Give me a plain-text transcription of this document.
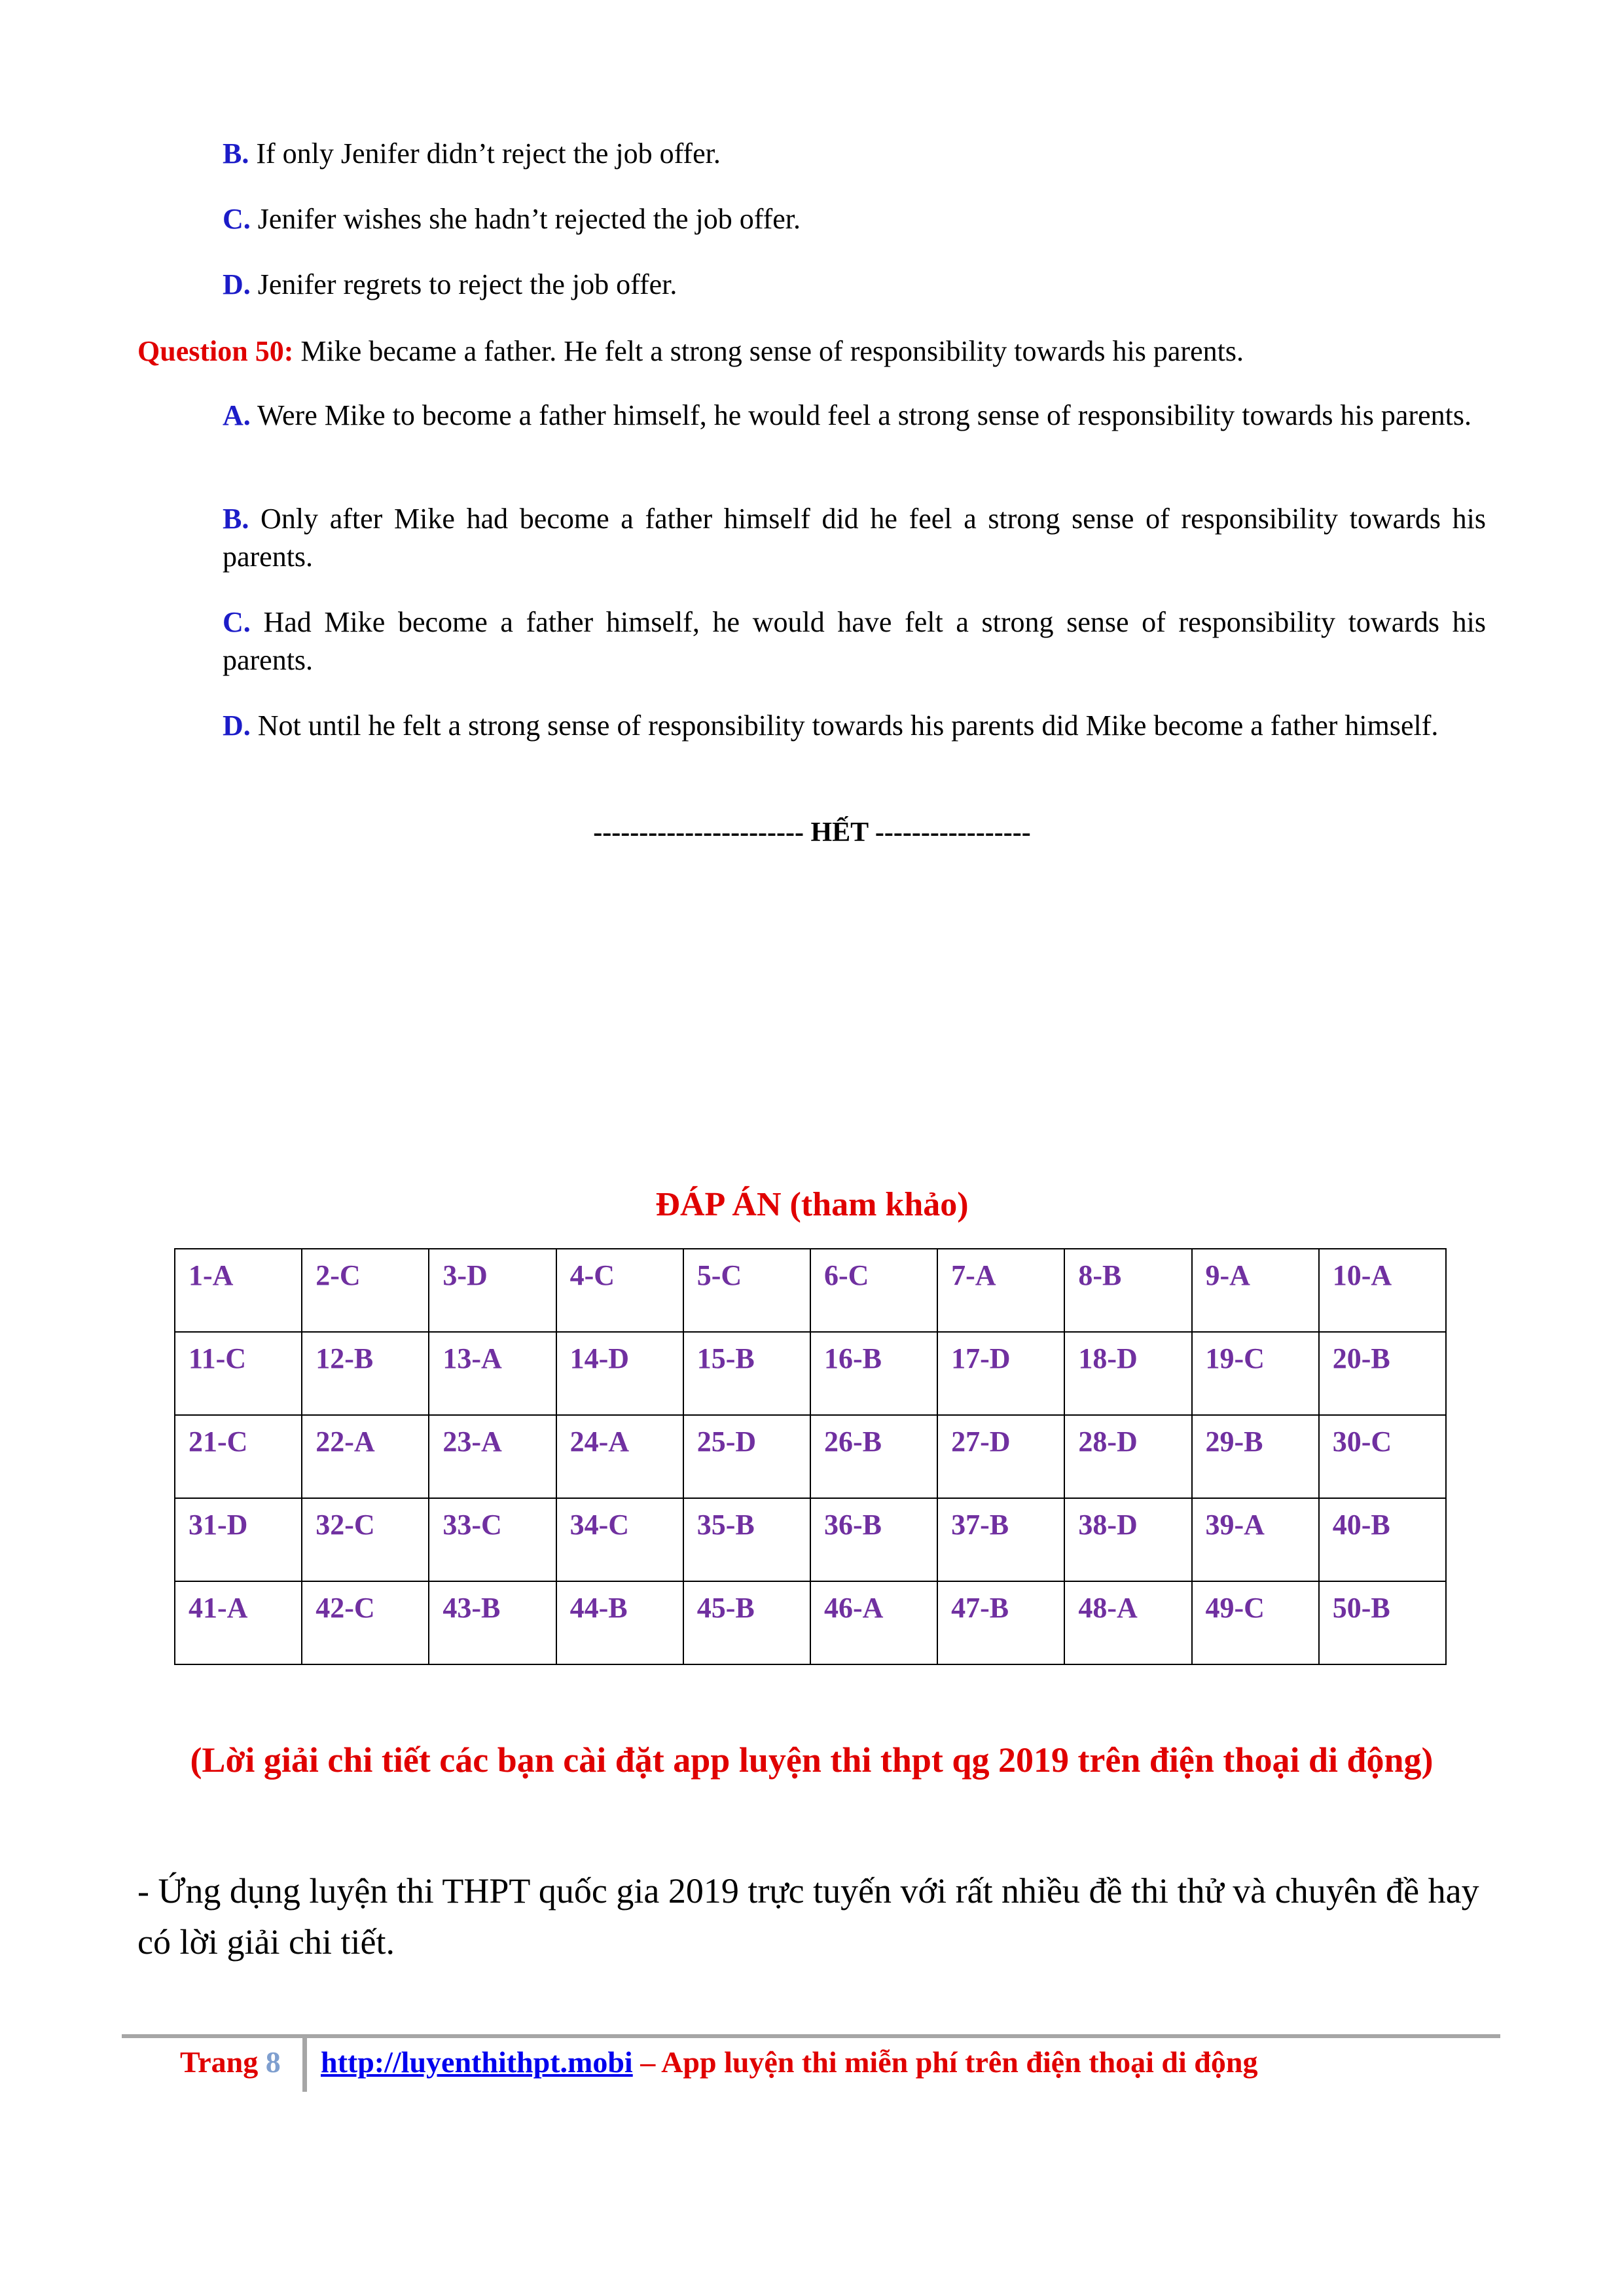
B. If only Jenifer didn’t reject the job offer.
C. Jenifer wishes she hadn’t rejected the job offer.
D. Jenifer regrets to reject the job offer.
Question 50: Mike became a father. He felt a strong sense of responsibility towards his parents.
A. Were Mike to become a father himself, he would feel a strong sense of responsibility towards his parents.
B. Only after Mike had become a father himself did he feel a strong sense of responsibility towards his parents.
C. Had Mike become a father himself, he would have felt a strong sense of responsibility towards his parents.
D. Not until he felt a strong sense of responsibility towards his parents did Mike become a father himself.
----------------------- HẾT -----------------
ĐÁP ÁN (tham khảo)
1-A	2-C	3-D	4-C	5-C	6-C	7-A	8-B	9-A	10-A
11-C	12-B	13-A	14-D	15-B	16-B	17-D	18-D	19-C	20-B
21-C	22-A	23-A	24-A	25-D	26-B	27-D	28-D	29-B	30-C
31-D	32-C	33-C	34-C	35-B	36-B	37-B	38-D	39-A	40-B
41-A	42-C	43-B	44-B	45-B	46-A	47-B	48-A	49-C	50-B
(Lời giải chi tiết các bạn cài đặt app luyện thi thpt qg 2019 trên điện thoại di động)
- Ứng dụng luyện thi THPT quốc gia 2019 trực tuyến với rất nhiều đề thi thử và chuyên đề hay có lời giải chi tiết.
Trang 8 http://luyenthithpt.mobi – App luyện thi miễn phí trên điện thoại di động
